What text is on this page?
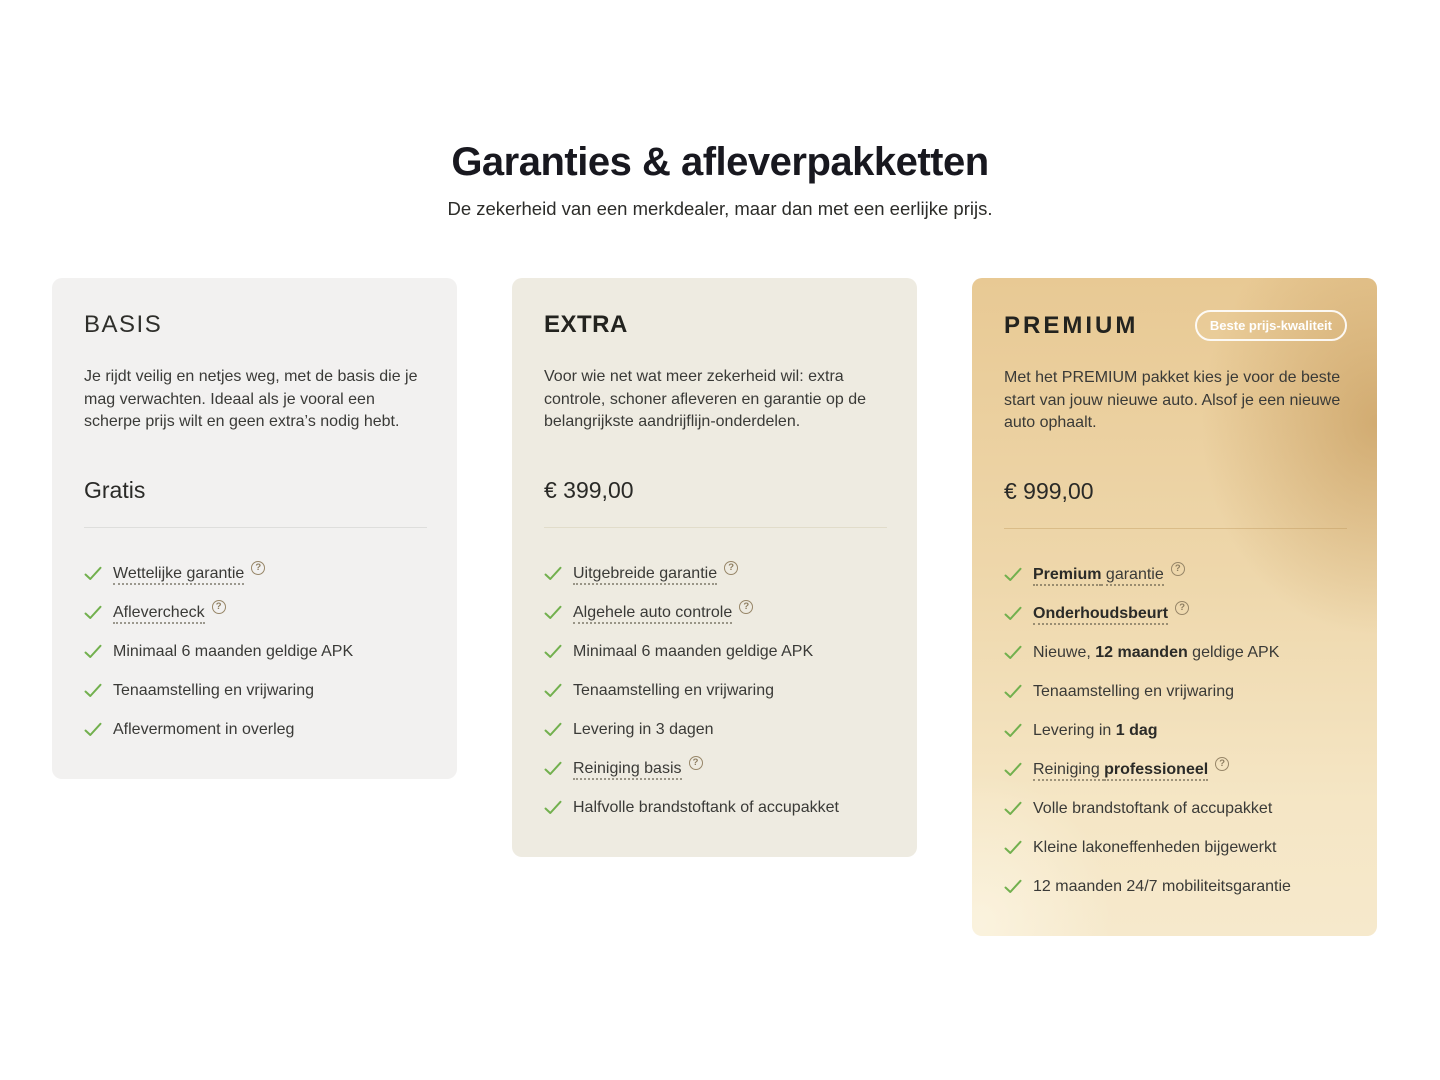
Garanties & afleverpakketten
De zekerheid van een merkdealer, maar dan met een eerlijke prijs.
BASIS

Je rijdt veilig en netjes weg, met de basis die je mag verwachten. Ideaal als je vooral een scherpe prijs wilt en geen extra’s nodig hebt.

Gratis
Wettelijke garantie	?
Aflevercheck	?
Minimaal 6 maanden geldige APK
Tenaamstelling en vrijwaring
Aflevermoment in overleg
EXTRA

Voor wie net wat meer zekerheid wil: extra controle, schoner afleveren en garantie op de belangrijkste aandrijflijn-onderdelen.

€ 399,00
Uitgebreide garantie	?
Algehele auto controle	?
Minimaal 6 maanden geldige APK
Tenaamstelling en vrijwaring
Levering in 3 dagen
Reiniging basis	?
Halfvolle brandstoftank of accupakket
PREMIUM	Beste prijs-kwaliteit

Met het PREMIUM pakket kies je voor de beste start van jouw nieuwe auto. Alsof je een nieuwe auto ophaalt.

€ 999,00
Premium garantie	?
Onderhoudsbeurt	?
Nieuwe, 12 maanden geldige APK
Tenaamstelling en vrijwaring
Levering in 1 dag
Reiniging professioneel	?
Volle brandstoftank of accupakket
Kleine lakoneffenheden bijgewerkt
12 maanden 24/7 mobiliteitsgarantie
